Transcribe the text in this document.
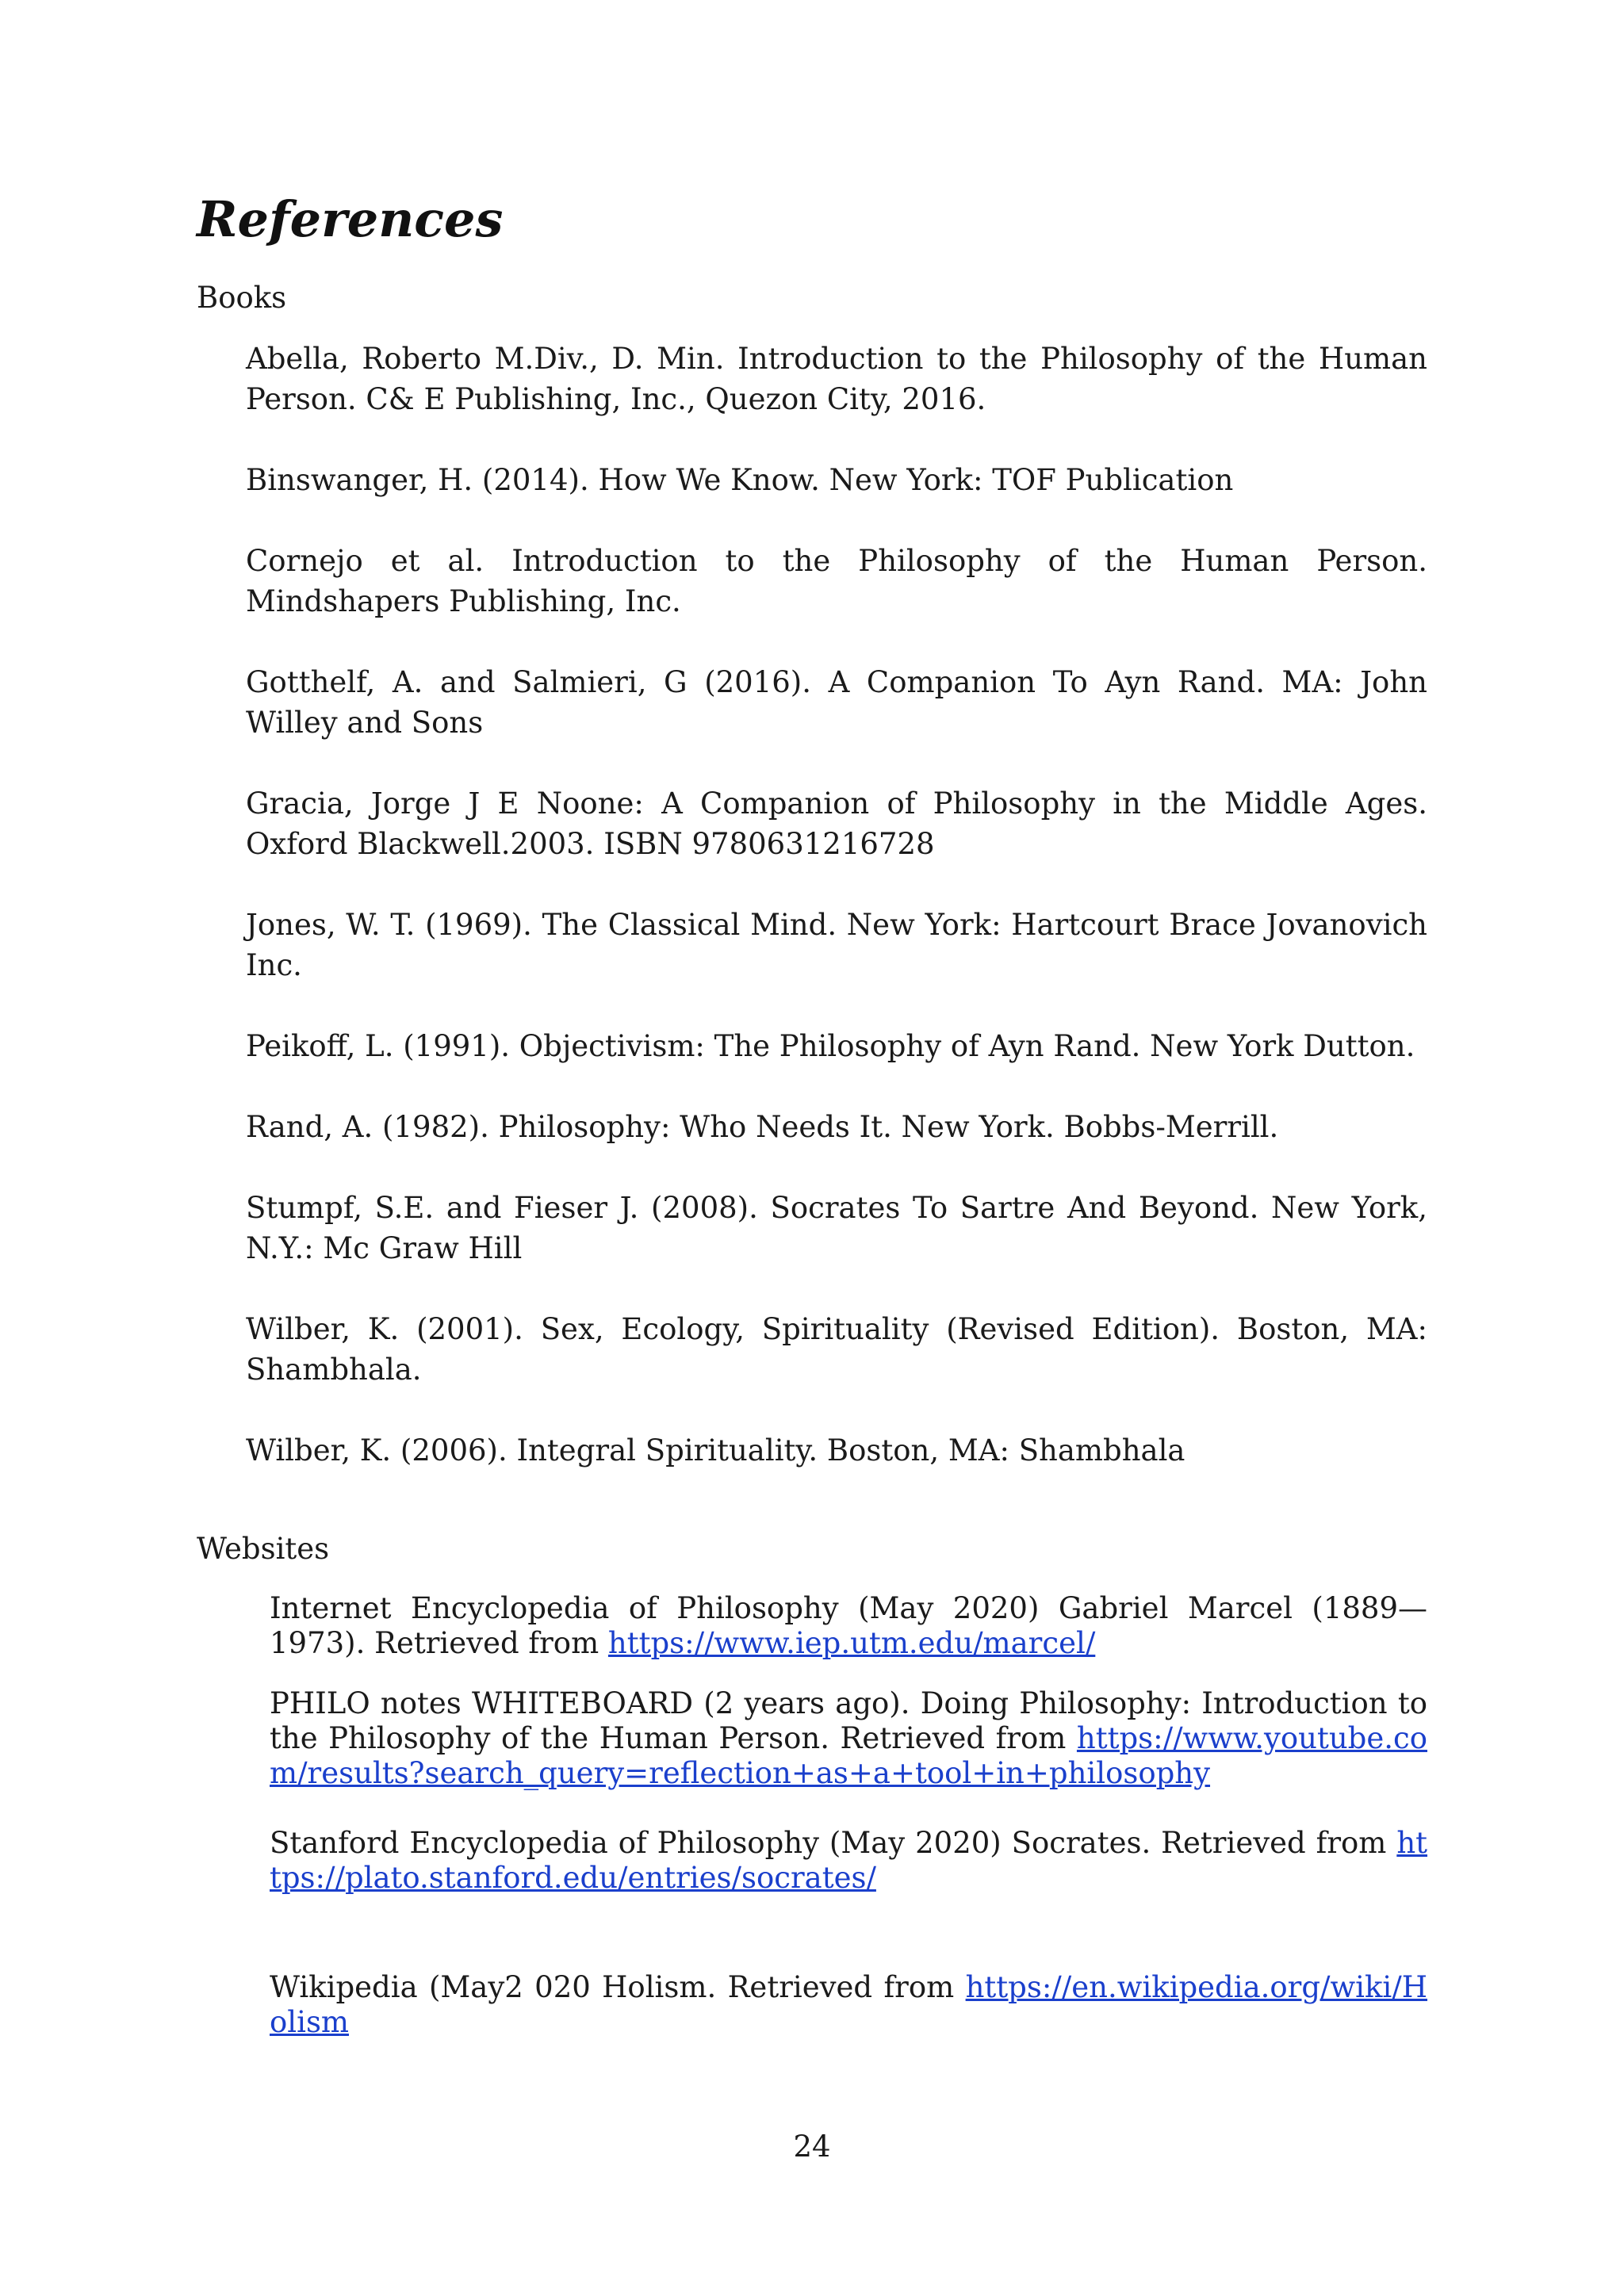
References
Books
Abella, Roberto M.Div., D. Min. Introduction to the Philosophy of the Human Person. C& E Publishing, Inc., Quezon City, 2016.
Binswanger, H. (2014). How We Know. New York: TOF Publication
Cornejo et al. Introduction to the Philosophy of the Human Person. Mindshapers Publishing, Inc.
Gotthelf, A. and Salmieri, G (2016). A Companion To Ayn Rand. MA: John Willey and Sons
Gracia, Jorge J E Noone: A Companion of Philosophy in the Middle Ages. Oxford Blackwell.2003. ISBN 9780631216728
Jones, W. T. (1969). The Classical Mind. New York: Hartcourt Brace Jovanovich Inc.
Peikoff, L. (1991). Objectivism: The Philosophy of Ayn Rand. New York Dutton.
Rand, A. (1982). Philosophy: Who Needs It. New York. Bobbs-Merrill.
Stumpf, S.E. and Fieser J. (2008). Socrates To Sartre And Beyond. New York, N.Y.: Mc Graw Hill
Wilber, K. (2001). Sex, Ecology, Spirituality (Revised Edition). Boston, MA: Shambhala.
Wilber, K. (2006). Integral Spirituality. Boston, MA: Shambhala
Websites
Internet Encyclopedia of Philosophy (May 2020) Gabriel Marcel (1889—1973). Retrieved from https://www.iep.utm.edu/marcel/
PHILO notes WHITEBOARD (2 years ago). Doing Philosophy: Introduction to the Philosophy of the Human Person. Retrieved from https://www.youtube.com/results?search_query=reflection+as+a+tool+in+philosophy
Stanford Encyclopedia of Philosophy (May 2020) Socrates. Retrieved from https://plato.stanford.edu/entries/socrates/
Wikipedia (May2 020 Holism. Retrieved from https://en.wikipedia.org/wiki/Holism
24
